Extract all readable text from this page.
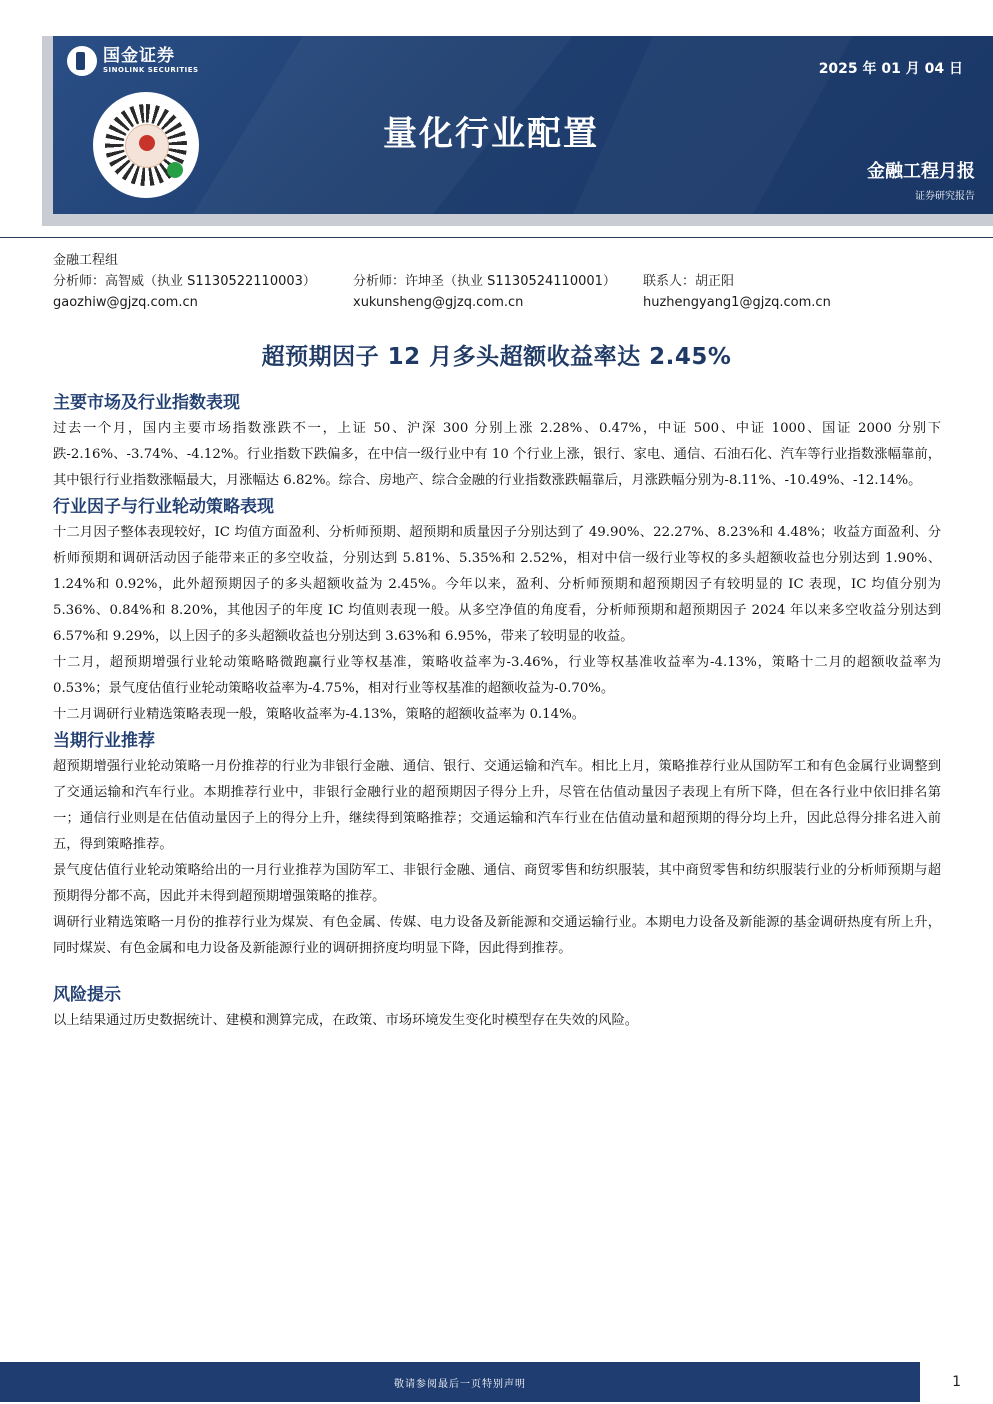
国金证券
SINOLINK SECURITIES	2025 年 01 月 04 日
量化行业配置
金融工程月报
证券研究报告
金融工程组
分析师：高智威（执业 S1130522110003）	分析师：许坤圣（执业 S1130524110001）	联系人：胡正阳
gaozhiw@gjzq.com.cn	xukunsheng@gjzq.com.cn	huzhengyang1@gjzq.com.cn
超预期因子 12 月多头超额收益率达 2.45%
主要市场及行业指数表现

过去一个月，国内主要市场指数涨跌不一，上证 50、沪深 300 分别上涨 2.28%、0.47%，中证 500、中证 1000、国证 2000 分别下跌-2.16%、-3.74%、-4.12%。行业指数下跌偏多，在中信一级行业中有 10 个行业上涨，银行、家电、通信、石油石化、汽车等行业指数涨幅靠前，其中银行行业指数涨幅最大，月涨幅达 6.82%。综合、房地产、综合金融的行业指数涨跌幅靠后，月涨跌幅分别为-8.11%、-10.49%、-12.14%。

行业因子与行业轮动策略表现

十二月因子整体表现较好，IC 均值方面盈利、分析师预期、超预期和质量因子分别达到了 49.90%、22.27%、8.23%和 4.48%；收益方面盈利、分析师预期和调研活动因子能带来正的多空收益，分别达到 5.81%、5.35%和 2.52%，相对中信一级行业等权的多头超额收益也分别达到 1.90%、1.24%和 0.92%，此外超预期因子的多头超额收益为 2.45%。今年以来，盈利、分析师预期和超预期因子有较明显的 IC 表现，IC 均值分别为 5.36%、0.84%和 8.20%，其他因子的年度 IC 均值则表现一般。从多空净值的角度看，分析师预期和超预期因子 2024 年以来多空收益分别达到 6.57%和 9.29%，以上因子的多头超额收益也分别达到 3.63%和 6.95%，带来了较明显的收益。

十二月，超预期增强行业轮动策略略微跑赢行业等权基准，策略收益率为-3.46%，行业等权基准收益率为-4.13%，策略十二月的超额收益率为 0.53%；景气度估值行业轮动策略收益率为-4.75%，相对行业等权基准的超额收益为-0.70%。

十二月调研行业精选策略表现一般，策略收益率为-4.13%，策略的超额收益率为 0.14%。

当期行业推荐

超预期增强行业轮动策略一月份推荐的行业为非银行金融、通信、银行、交通运输和汽车。相比上月，策略推荐行业从国防军工和有色金属行业调整到了交通运输和汽车行业。本期推荐行业中，非银行金融行业的超预期因子得分上升，尽管在估值动量因子表现上有所下降，但在各行业中依旧排名第一；通信行业则是在估值动量因子上的得分上升，继续得到策略推荐；交通运输和汽车行业在估值动量和超预期的得分均上升，因此总得分排名进入前五，得到策略推荐。

景气度估值行业轮动策略给出的一月行业推荐为国防军工、非银行金融、通信、商贸零售和纺织服装，其中商贸零售和纺织服装行业的分析师预期与超预期得分都不高，因此并未得到超预期增强策略的推荐。

调研行业精选策略一月份的推荐行业为煤炭、有色金属、传媒、电力设备及新能源和交通运输行业。本期电力设备及新能源的基金调研热度有所上升，同时煤炭、有色金属和电力设备及新能源行业的调研拥挤度均明显下降，因此得到推荐。

风险提示

以上结果通过历史数据统计、建模和测算完成，在政策、市场环境发生变化时模型存在失效的风险。

敬请参阅最后一页特别声明	1
